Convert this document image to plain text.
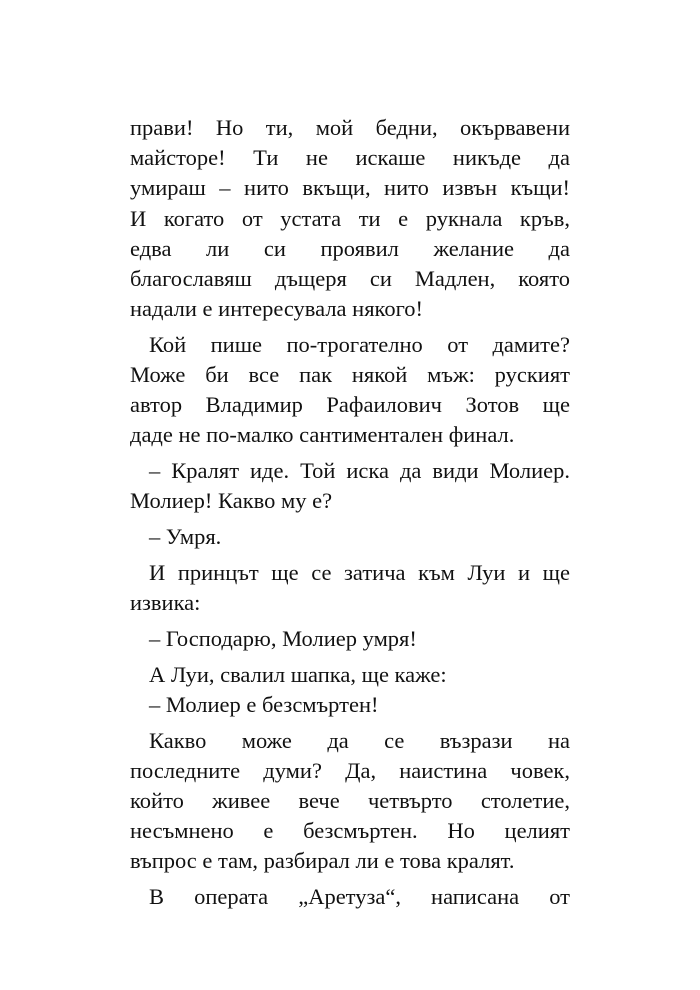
прави! Но ти, мой бедни, окървавени
майсторе! Ти не искаше никъде да
умираш – нито вкъщи, нито извън къщи!
И когато от устата ти е рукнала кръв,
едва ли си проявил желание да
благославяш дъщеря си Мадлен, която
надали е интересувала някого!
Кой пише по-трогателно от дамите?
Може би все пак някой мъж: руският
автор Владимир Рафаилович Зотов ще
даде не по-малко сантиментален финал.
– Кралят иде. Той иска да види Молиер.
Молиер! Какво му е?
– Умря.
И принцът ще се затича към Луи и ще
извика:
– Господарю, Молиер умря!
А Луи, свалил шапка, ще каже:
– Молиер е безсмъртен!
Какво може да се възрази на
последните думи? Да, наистина човек,
който живее вече четвърто столетие,
несъмнено е безсмъртен. Но целият
въпрос е там, разбирал ли е това кралят.
В операта „Аретуза“, написана от
